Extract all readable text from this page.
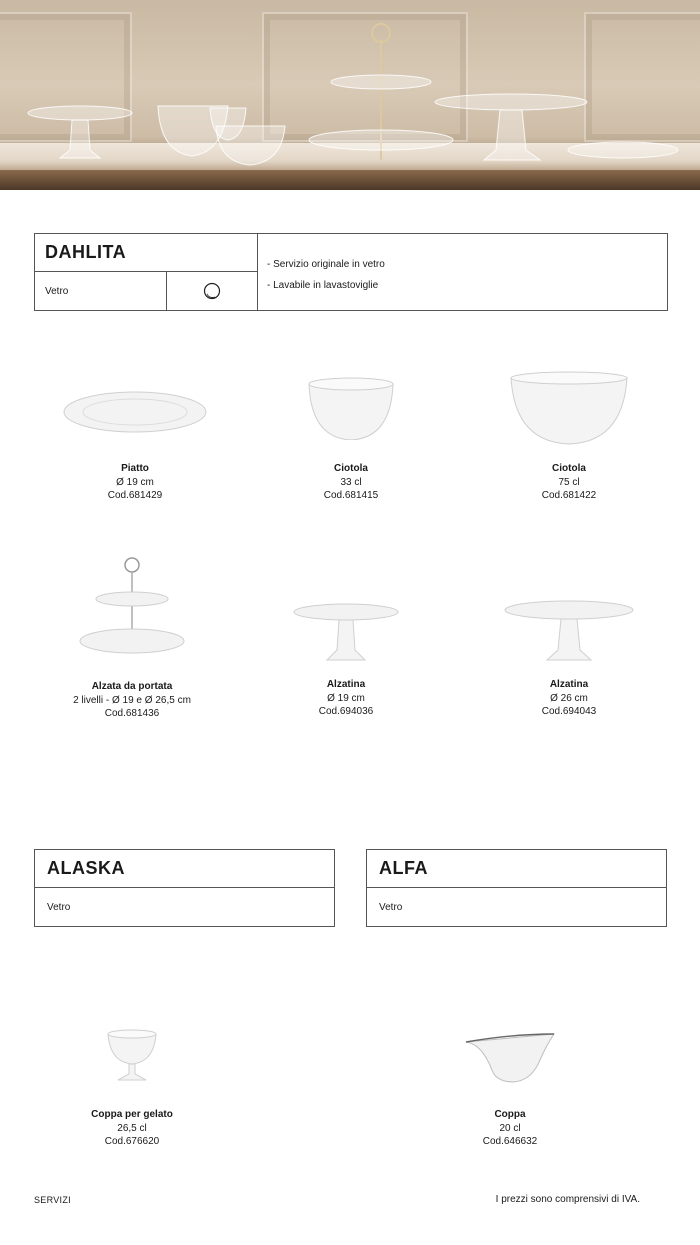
DAHLITA
Vetro
- Servizio originale in vetro
- Lavabile in lavastoviglie
Piatto
Ø 19 cm
Cod.681429
Ciotola
33 cl
Cod.681415
Ciotola
75 cl
Cod.681422
Alzata da portata
2 livelli - Ø 19 e Ø 26,5 cm
Cod.681436
Alzatina
Ø 19 cm
Cod.694036
Alzatina
Ø 26 cm
Cod.694043
ALASKA
Vetro
ALFA
Vetro
Coppa per gelato
26,5 cl
Cod.676620
Coppa
20 cl
Cod.646632
SERVIZI	I prezzi sono comprensivi di IVA.
